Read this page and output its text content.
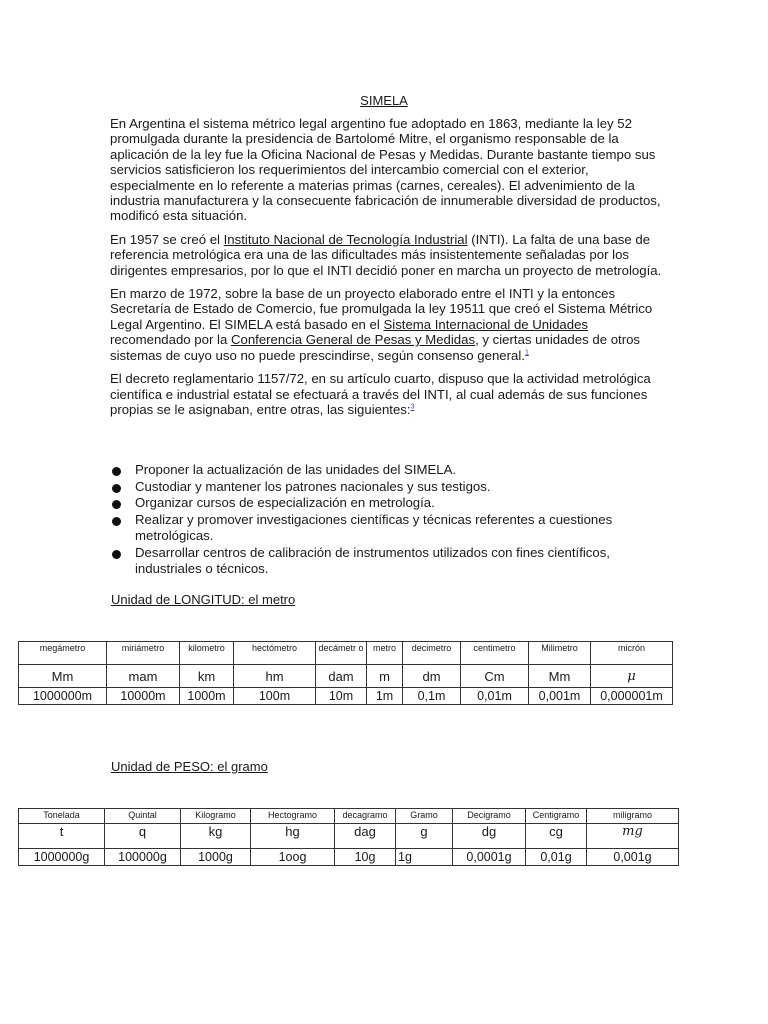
SIMELA

En Argentina el sistema métrico legal argentino fue adoptado en 1863, mediante la ley 52 promulgada durante la presidencia de Bartolomé Mitre, el organismo responsable de la aplicación de la ley fue la Oficina Nacional de Pesas y Medidas. Durante bastante tiempo sus servicios satisficieron los requerimientos del intercambio comercial con el exterior, especialmente en lo referente a materias primas (carnes, cereales). El advenimiento de la industria manufacturera y la consecuente fabricación de innumerable diversidad de productos, modificó esta situación.

En 1957 se creó el Instituto Nacional de Tecnología Industrial (INTI). La falta de una base de referencia metrológica era una de las dificultades más insistentemente señaladas por los dirigentes empresarios, por lo que el INTI decidió poner en marcha un proyecto de metrología.

En marzo de 1972, sobre la base de un proyecto elaborado entre el INTI y la entonces Secretaría de Estado de Comercio, fue promulgada la ley 19511 que creó el Sistema Métrico Legal Argentino. El SIMELA está basado en el Sistema Internacional de Unidades recomendado por la Conferencia General de Pesas y Medidas, y ciertas unidades de otros sistemas de cuyo uso no puede prescindirse, según consenso general.$^1$

El decreto reglamentario 1157/72, en su artículo cuarto, dispuso que la actividad metrológica científica e industrial estatal se efectuará a través del INTI, al cual además de sus funciones propias se le asignaban, entre otras, las siguientes:$^3$

Proponer la actualización de las unidades del SIMELA.
Custodiar y mantener los patrones nacionales y sus testigos.
Organizar cursos de especialización en metrología.
Realizar y promover investigaciones científicas y técnicas referentes a cuestiones metrológicas.
Desarrollar centros de calibración de instrumentos utilizados con fines científicos, industriales o técnicos.
Unidad de LONGITUD: el metro
megámetro	miriámetro	kilometro	hectómetro	decámetr o	metro	decimetro	centimetro	Milimetro	micrón
Mm	mam	km	hm	dam	m	dm	Cm	Mm	μ
1000000m	10000m	1000m	100m	10m	1m	0,1m	0,01m	0,001m	0,000001m
Unidad de PESO: el gramo
Tonelada	Quintal	Kilogramo	Hectogramo	decagramo	Gramo	Decigramo	Centigramo	miligramo
t	q	kg	hg	dag	g	dg	cg	mg
1000000g	100000g	1000g	1oog	10g	1g	0,0001g	0,01g	0,001g
